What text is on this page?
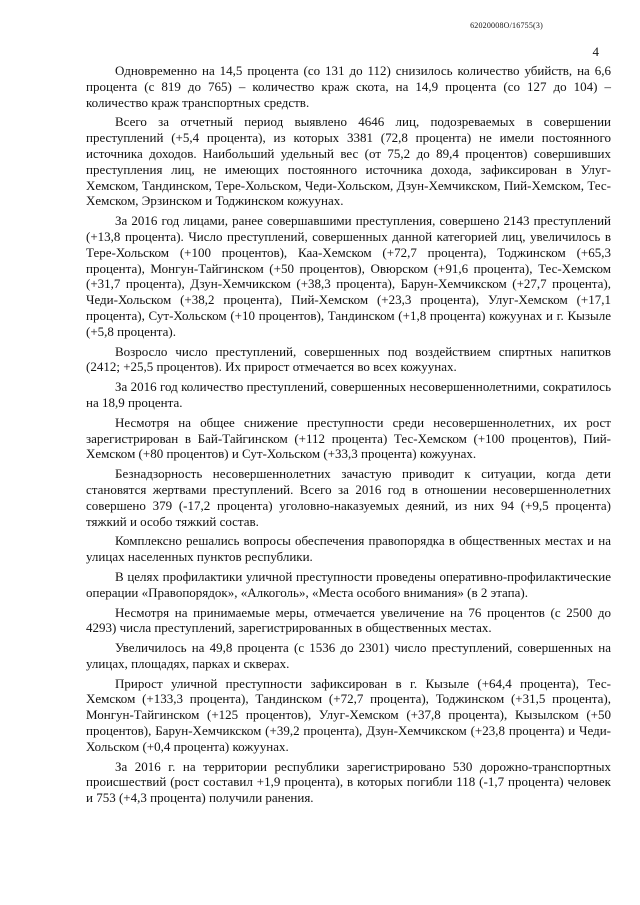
62020008О/16755(3)
4

Одновременно на 14,5 процента (со 131 до 112) снизилось количество убийств, на 6,6 процента (с 819 до 765) – количество краж скота, на 14,9 процента (со 127 до 104) – количество краж транспортных средств.

Всего за отчетный период выявлено 4646 лиц, подозреваемых в совершении преступлений (+5,4 процента), из которых 3381 (72,8 процента) не имели постоянного источника доходов. Наибольший удельный вес (от 75,2 до 89,4 процентов) совершивших преступления лиц, не имеющих постоянного источника дохода, зафиксирован в Улуг-Хемском, Тандинском, Тере-Хольском, Чеди-Хольском, Дзун-Хемчикском, Пий-Хемском, Тес-Хемском, Эрзинском и Тоджинском кожуунах.

За 2016 год лицами, ранее совершавшими преступления, совершено 2143 преступлений (+13,8 процента). Число преступлений, совершенных данной категорией лиц, увеличилось в Тере-Хольском (+100 процентов), Каа-Хемском (+72,7 процента), Тоджинском (+65,3 процента), Монгун-Тайгинском (+50 процентов), Овюрском (+91,6 процента), Тес-Хемском (+31,7 процента), Дзун-Хемчикском (+38,3 процента), Барун-Хемчикском (+27,7 процента), Чеди-Хольском (+38,2 процента), Пий-Хемском (+23,3 процента), Улуг-Хемском (+17,1 процента), Сут-Хольском (+10 процентов), Тандинском (+1,8 процента) кожуунах и г. Кызыле (+5,8 процента).

Возросло число преступлений, совершенных под воздействием спиртных напитков (2412; +25,5 процентов). Их прирост отмечается во всех кожуунах.

За 2016 год количество преступлений, совершенных несовершеннолетними, сократилось на 18,9 процента.

Несмотря на общее снижение преступности среди несовершеннолетних, их рост зарегистрирован в Бай-Тайгинском (+112 процента) Тес-Хемском (+100 процентов), Пий-Хемском (+80 процентов) и Сут-Хольском (+33,3 процента) кожуунах.

Безнадзорность несовершеннолетних зачастую приводит к ситуации, когда дети становятся жертвами преступлений. Всего за 2016 год в отношении несовершеннолетних совершено 379 (-17,2 процента) уголовно-наказуемых деяний, из них 94 (+9,5 процента) тяжкий и особо тяжкий состав.

Комплексно решались вопросы обеспечения правопорядка в общественных местах и на улицах населенных пунктов республики.

В целях профилактики уличной преступности проведены оперативно-профилактические операции «Правопорядок», «Алкоголь», «Места особого внимания» (в 2 этапа).

Несмотря на принимаемые меры, отмечается увеличение на 76 процентов (с 2500 до 4293) числа преступлений, зарегистрированных в общественных местах.

Увеличилось на 49,8 процента (с 1536 до 2301) число преступлений, совершенных на улицах, площадях, парках и скверах.

Прирост уличной преступности зафиксирован в г. Кызыле (+64,4 процента), Тес-Хемском (+133,3 процента), Тандинском (+72,7 процента), Тоджинском (+31,5 процента), Монгун-Тайгинском (+125 процентов), Улуг-Хемском (+37,8 процента), Кызылском (+50 процентов), Барун-Хемчикском (+39,2 процента), Дзун-Хемчикском (+23,8 процента) и Чеди-Хольском (+0,4 процента) кожуунах.

За 2016 г. на территории республики зарегистрировано 530 дорожно-транспортных происшествий (рост составил +1,9 процента), в которых погибли 118 (-1,7 процента) человек и 753 (+4,3 процента) получили ранения.
